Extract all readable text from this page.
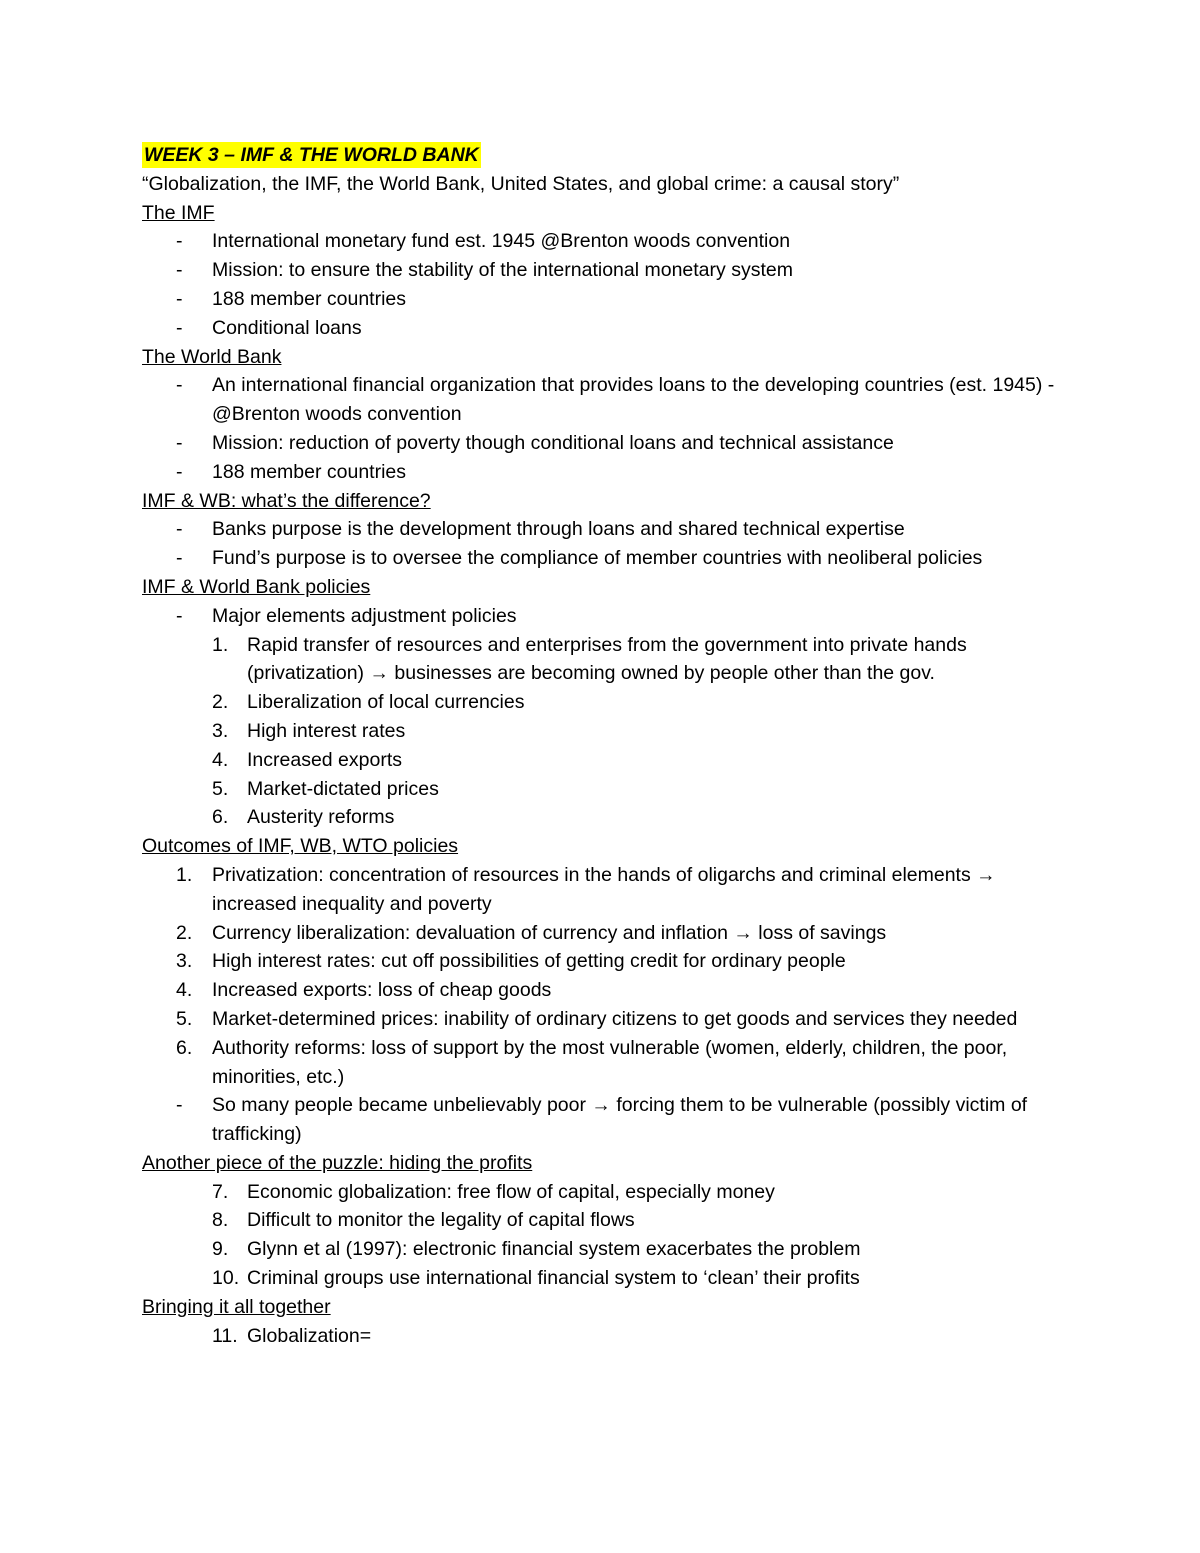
WEEK 3 – IMF & THE WORLD BANK
“Globalization, the IMF, the World Bank, United States, and global crime: a causal story”
The IMF
- International monetary fund est. 1945 @Brenton woods convention
- Mission: to ensure the stability of the international monetary system
- 188 member countries
- Conditional loans
The World Bank
- An international financial organization that provides loans to the developing countries (est. 1945) - @Brenton woods convention
- Mission: reduction of poverty though conditional loans and technical assistance
- 188 member countries
IMF & WB: what’s the difference?
- Banks purpose is the development through loans and shared technical expertise
- Fund’s purpose is to oversee the compliance of member countries with neoliberal policies
IMF & World Bank policies
- Major elements adjustment policies
1. Rapid transfer of resources and enterprises from the government into private hands (privatization) → businesses are becoming owned by people other than the gov.
2. Liberalization of local currencies
3. High interest rates
4. Increased exports
5. Market-dictated prices
6. Austerity reforms
Outcomes of IMF, WB, WTO policies
1. Privatization: concentration of resources in the hands of oligarchs and criminal elements → increased inequality and poverty
2. Currency liberalization: devaluation of currency and inflation → loss of savings
3. High interest rates: cut off possibilities of getting credit for ordinary people
4. Increased exports: loss of cheap goods
5. Market-determined prices: inability of ordinary citizens to get goods and services they needed
6. Authority reforms: loss of support by the most vulnerable (women, elderly, children, the poor, minorities, etc.)
- So many people became unbelievably poor → forcing them to be vulnerable (possibly victim of trafficking)
Another piece of the puzzle: hiding the profits
7. Economic globalization: free flow of capital, especially money
8. Difficult to monitor the legality of capital flows
9. Glynn et al (1997): electronic financial system exacerbates the problem
10. Criminal groups use international financial system to ‘clean’ their profits
Bringing it all together
11. Globalization=
